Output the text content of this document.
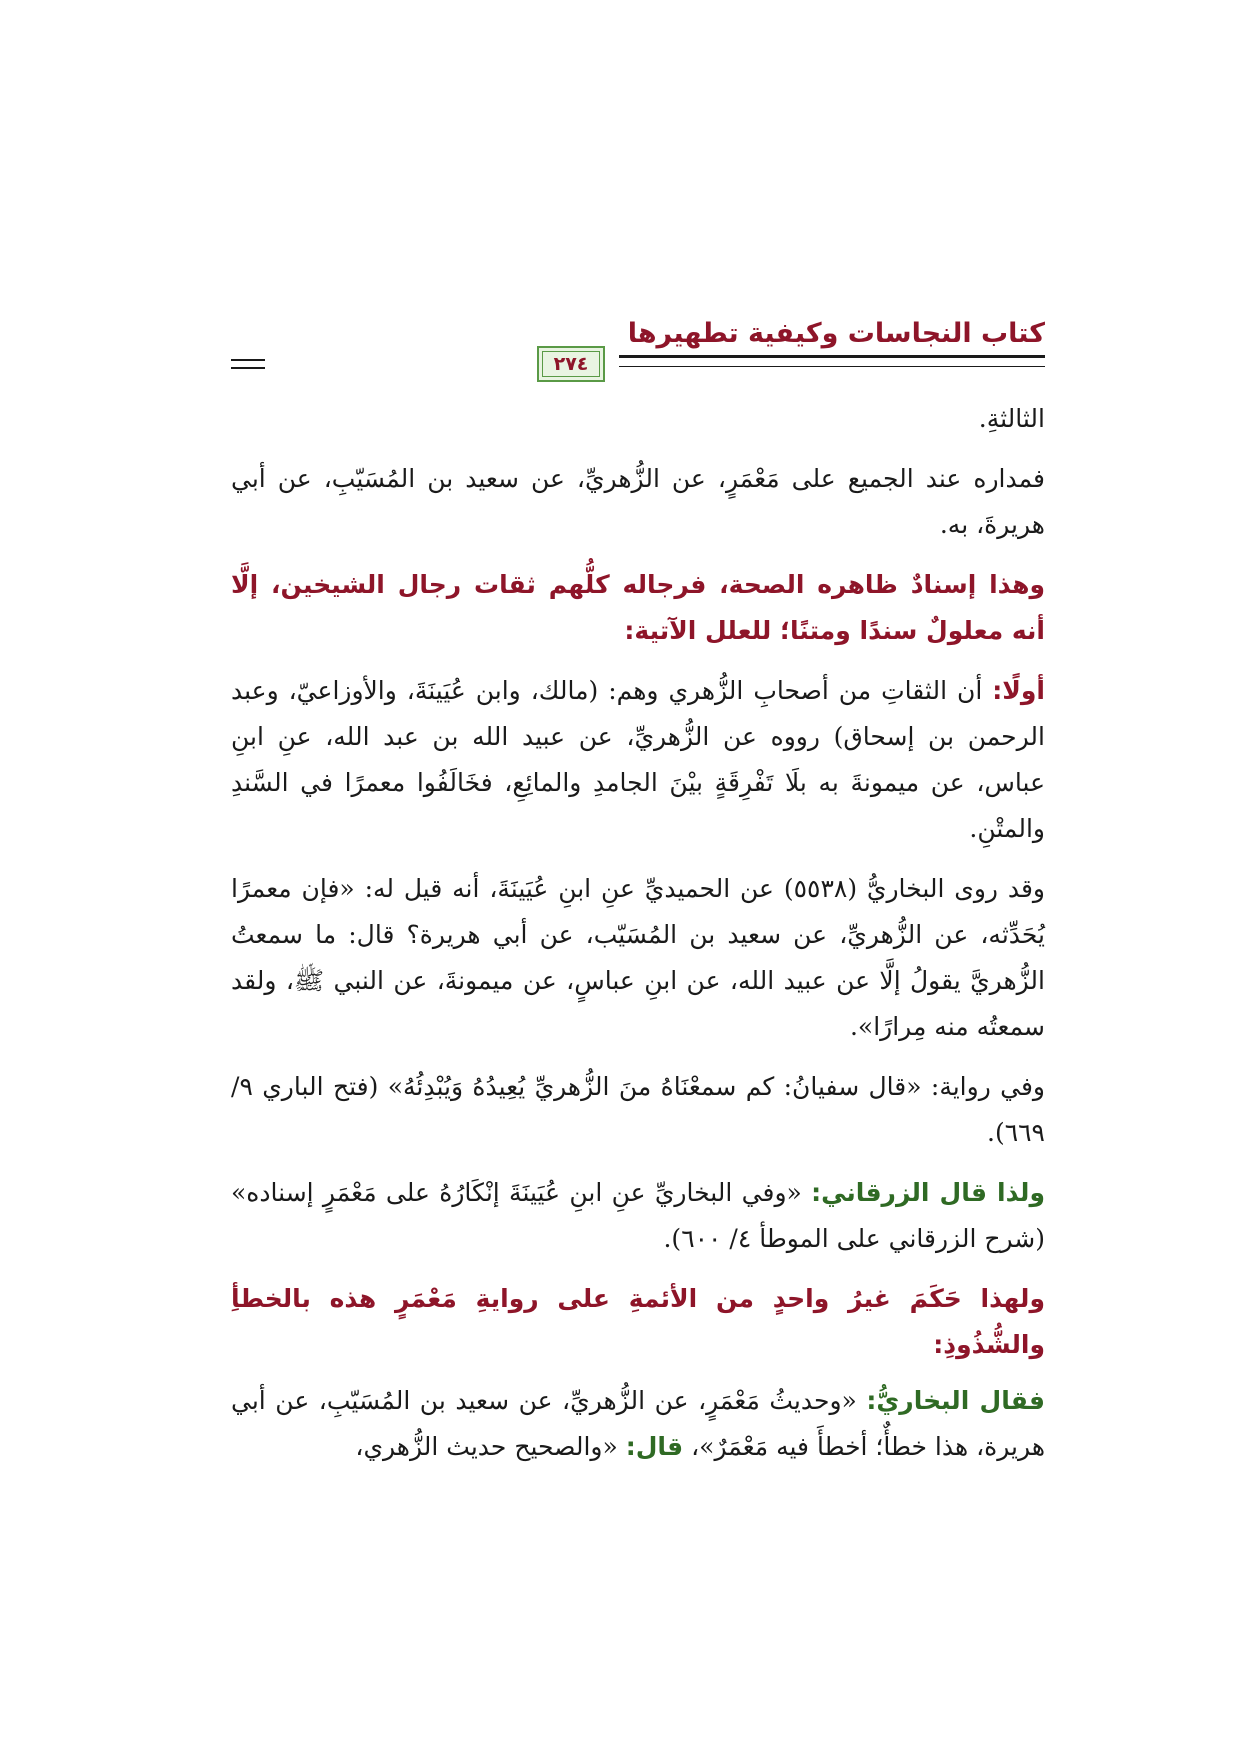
كتاب النجاسات وكيفية تطهيرها
٢٧٤

الثالثةِ.

فمداره عند الجميع على مَعْمَرٍ، عن الزُّهريِّ، عن سعيد بن المُسَيّبِ، عن أبي هريرةَ، به.

وهذا إسنادٌ ظاهره الصحة، فرجاله كلُّهم ثقات رجال الشيخين، إلَّا أنه معلولٌ سندًا ومتنًا؛ للعلل الآتية:

أولًا: أن الثقاتِ من أصحابِ الزُّهري وهم: (مالك، وابن عُيَينَةَ، والأوزاعيّ، وعبد الرحمن بن إسحاق) رووه عن الزُّهريِّ، عن عبيد الله بن عبد الله، عنِ ابنِ عباس، عن ميمونةَ به بلَا تَفْرِقَةٍ بيْنَ الجامدِ والمائِعِ، فخَالَفُوا معمرًا في السَّندِ والمتْنِ.

وقد روى البخاريُّ (٥٥٣٨) عن الحميديِّ عنِ ابنِ عُيَينَةَ، أنه قيل له: «فإن معمرًا يُحَدِّثه، عن الزُّهريِّ، عن سعيد بن المُسَيّب، عن أبي هريرة؟ قال: ما سمعتُ الزُّهريَّ يقولُ إلَّا عن عبيد الله، عن ابنِ عباسٍ، عن ميمونةَ، عن النبي ﷺ، ولقد سمعتُه منه مِرارًا».

وفي رواية: «قال سفيانُ: كم سمعْنَاهُ منَ الزُّهريِّ يُعِيدُهُ وَيُبْدِئُهُ» (فتح الباري ٩/ ٦٦٩).

ولذا قال الزرقاني: «وفي البخاريِّ عنِ ابنِ عُيَينَةَ إنْكَارُهُ على مَعْمَرٍ إسناده» (شرح الزرقاني على الموطأ ٤/ ٦٠٠).

ولهذا حَكَمَ غيرُ واحدٍ من الأئمةِ على روايةِ مَعْمَرٍ هذه بالخطأِ والشُّذُوذِ:

فقال البخاريُّ: «وحديثُ مَعْمَرٍ، عن الزُّهريِّ، عن سعيد بن المُسَيّبِ، عن أبي هريرة، هذا خطأٌ؛ أخطأَ فيه مَعْمَرٌ»، قال: «والصحيح حديث الزُّهري،
